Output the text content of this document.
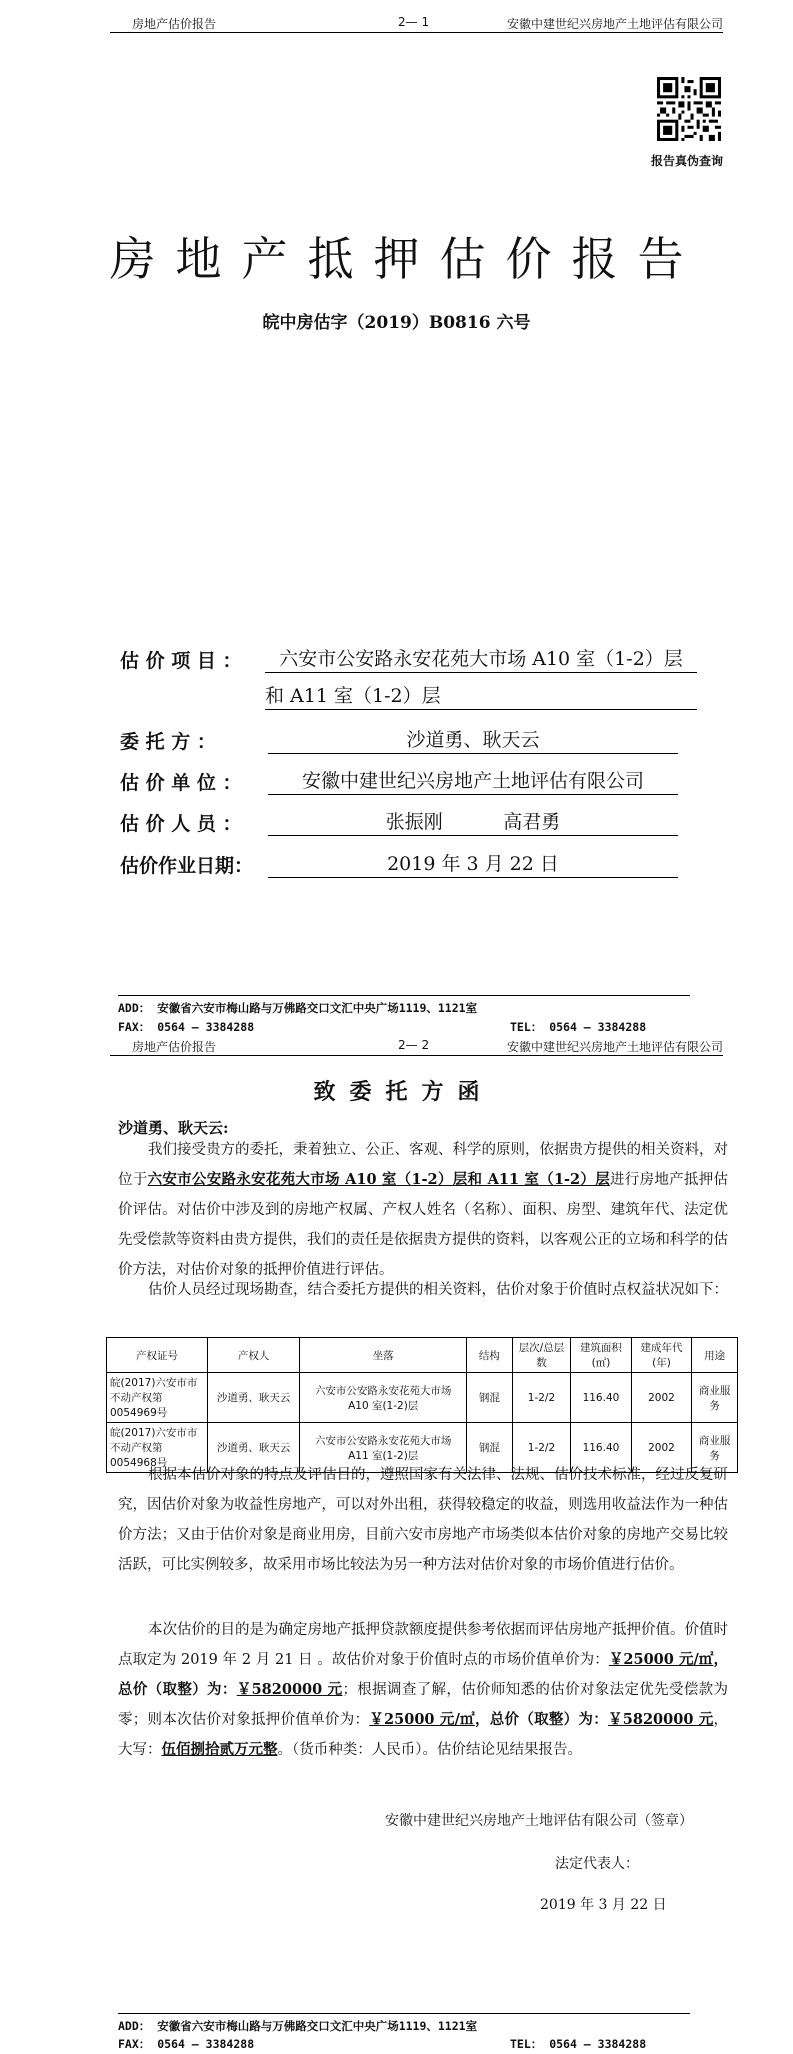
房地产估价报告	2— 1	安徽中建世纪兴房地产土地评估有限公司
报告真伪查询
房地产抵押估价报告
皖中房估字（2019）B0816 六号
估 价 项 目 ：	六安市公安路永安花苑大市场 A10 室（1-2）层
和 A11 室（1-2）层
委 托 方 ：	沙道勇、耿天云
估 价 单 位 ：	安徽中建世纪兴房地产土地评估有限公司
估 价 人 员 ：	张振刚          高君勇
估价作业日期：	2019 年 3 月 22 日
ADD： 安徽省六安市梅山路与万佛路交口文汇中央广场1119、1121室
FAX： 0564 — 3384288	TEL： 0564 — 3384288
房地产估价报告	2— 2	安徽中建世纪兴房地产土地评估有限公司
致委托方函
沙道勇、耿天云:
我们接受贵方的委托，秉着独立、公正、客观、科学的原则，依据贵方提供的相关资料，对位于六安市公安路永安花苑大市场 A10 室（1-2）层和 A11 室（1-2）层进行房地产抵押估价评估。对估价中涉及到的房地产权属、产权人姓名（名称）、面积、房型、建筑年代、法定优先受偿款等资料由贵方提供，我们的责任是依据贵方提供的资料，以客观公正的立场和科学的估价方法，对估价对象的抵押价值进行评估。
估价人员经过现场勘查，结合委托方提供的相关资料，估价对象于价值时点权益状况如下：
产权证号	产权人	坐落	结构	层次/总层数	建筑面积(㎡)	建成年代(年)	用途
皖(2017)六安市市不动产权第0054969号	沙道勇、耿天云	六安市公安路永安花苑大市场 A10 室(1-2)层	钢混	1-2/2	116.40	2002	商业服务
皖(2017)六安市市不动产权第0054968号	沙道勇、耿天云	六安市公安路永安花苑大市场 A11 室(1-2)层	钢混	1-2/2	116.40	2002	商业服务
根据本估价对象的特点及评估目的，遵照国家有关法律、法规、估价技术标准，经过反复研究，因估价对象为收益性房地产，可以对外出租，获得较稳定的收益，则选用收益法作为一种估价方法；又由于估价对象是商业用房，目前六安市房地产市场类似本估价对象的房地产交易比较活跃，可比实例较多，故采用市场比较法为另一种方法对估价对象的市场价值进行估价。
本次估价的目的是为确定房地产抵押贷款额度提供参考依据而评估房地产抵押价值。价值时点取定为 2019 年 2 月 21 日 。故估价对象于价值时点的市场价值单价为：￥25000 元/㎡，总价（取整）为：￥5820000 元；根据调查了解，估价师知悉的估价对象法定优先受偿款为零；则本次估价对象抵押价值单价为：￥25000 元/㎡，总价（取整）为：￥5820000 元，大写：伍佰捌拾贰万元整。（货币种类：人民币）。估价结论见结果报告。
安徽中建世纪兴房地产土地评估有限公司（签章）
法定代表人：
2019 年 3 月 22 日
ADD： 安徽省六安市梅山路与万佛路交口文汇中央广场1119、1121室
FAX： 0564 — 3384288	TEL： 0564 — 3384288
